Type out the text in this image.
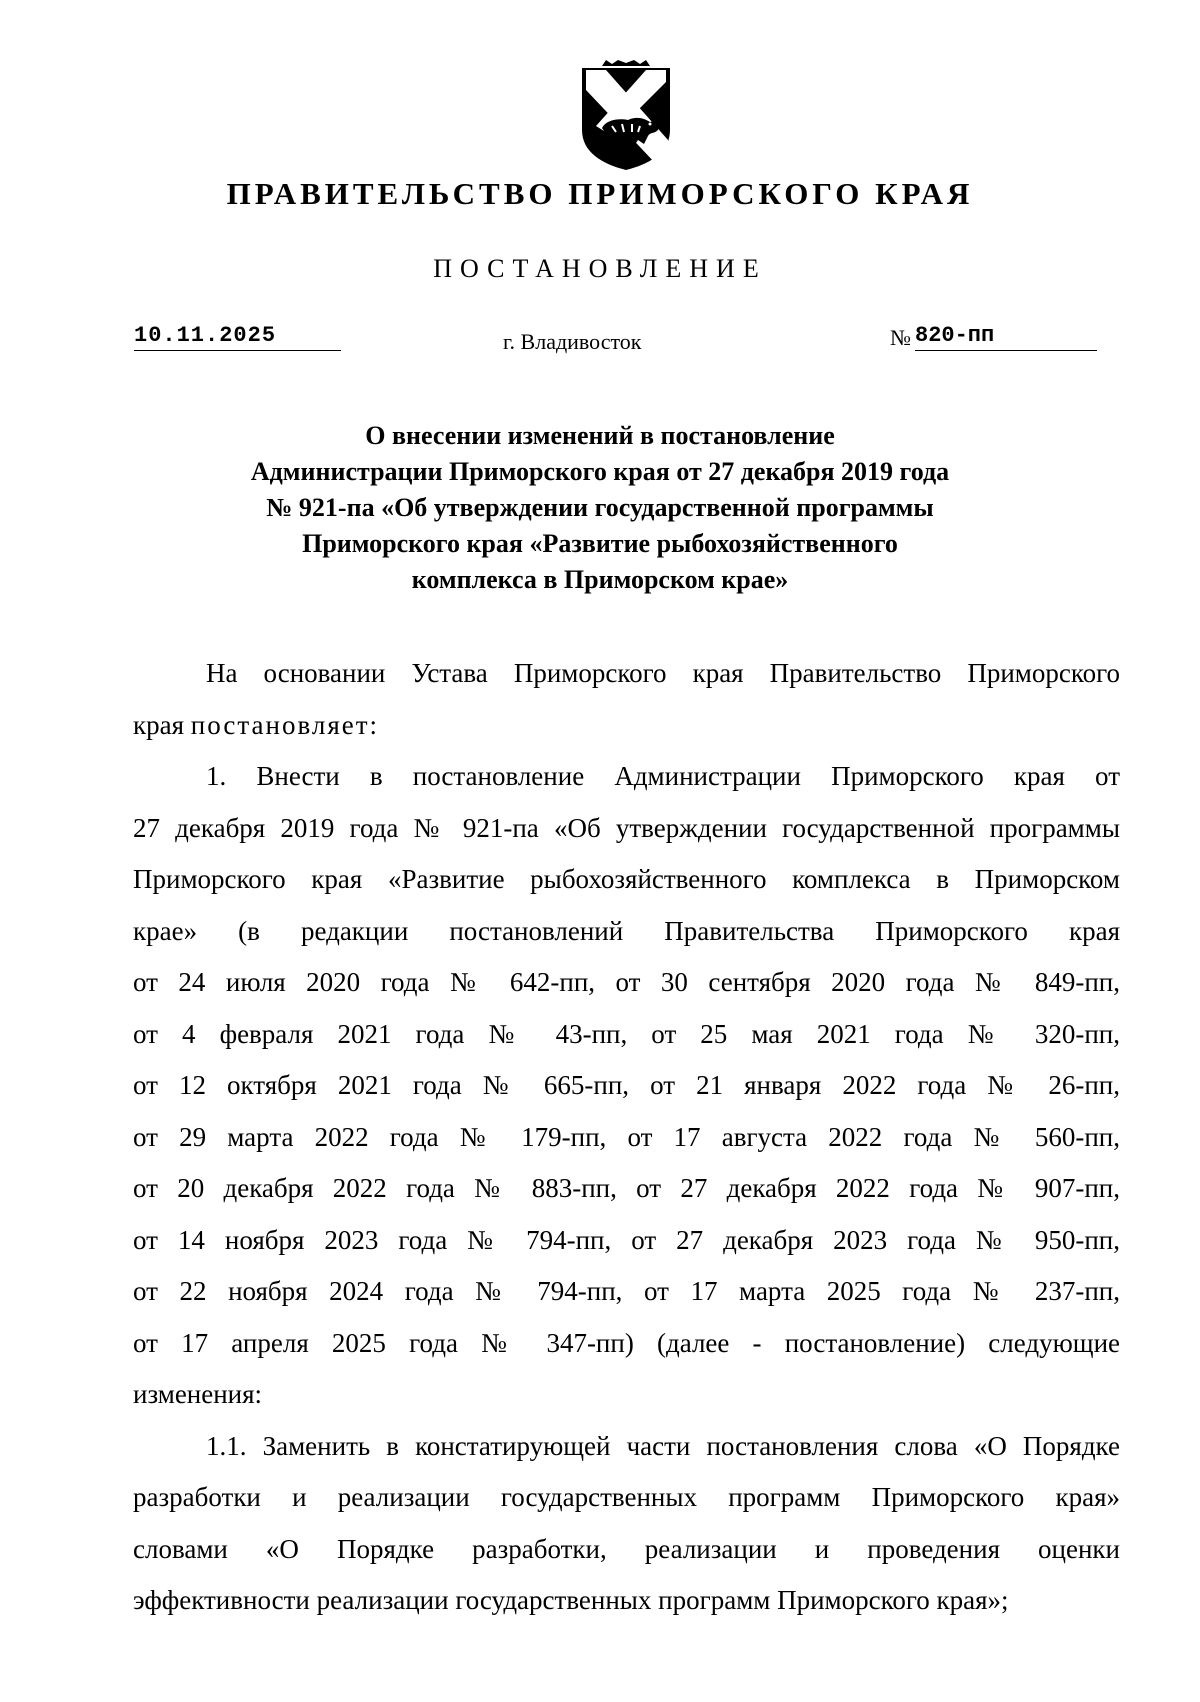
ПРАВИТЕЛЬСТВО ПРИМОРСКОГО КРАЯ
ПОСТАНОВЛЕНИЕ
10.11.2025	г. Владивосток	№ 820-пп
О внесении изменений в постановление
Администрации Приморского края от 27 декабря 2019 года
№ 921-па «Об утверждении государственной программы
Приморского края «Развитие рыбохозяйственного
комплекса в Приморском крае»
На основании Устава Приморского края Правительство Приморского
края постановляет:
1. Внести в постановление Администрации Приморского края от
27 декабря 2019 года № 921-па «Об утверждении государственной программы
Приморского края «Развитие рыбохозяйственного комплекса в Приморском
крае» (в редакции постановлений Правительства Приморского края
от 24 июля 2020 года № 642-пп, от 30 сентября 2020 года № 849-пп,
от 4 февраля 2021 года № 43-пп, от 25 мая 2021 года № 320-пп,
от 12 октября 2021 года № 665-пп, от 21 января 2022 года № 26-пп,
от 29 марта 2022 года № 179-пп, от 17 августа 2022 года № 560-пп,
от 20 декабря 2022 года № 883-пп, от 27 декабря 2022 года № 907-пп,
от 14 ноября 2023 года № 794-пп, от 27 декабря 2023 года № 950-пп,
от 22 ноября 2024 года № 794-пп, от 17 марта 2025 года № 237-пп,
от 17 апреля 2025 года № 347-пп) (далее - постановление) следующие
изменения:
1.1. Заменить в констатирующей части постановления слова «О Порядке
разработки и реализации государственных программ Приморского края»
словами «О Порядке разработки, реализации и проведения оценки
эффективности реализации государственных программ Приморского края»;
